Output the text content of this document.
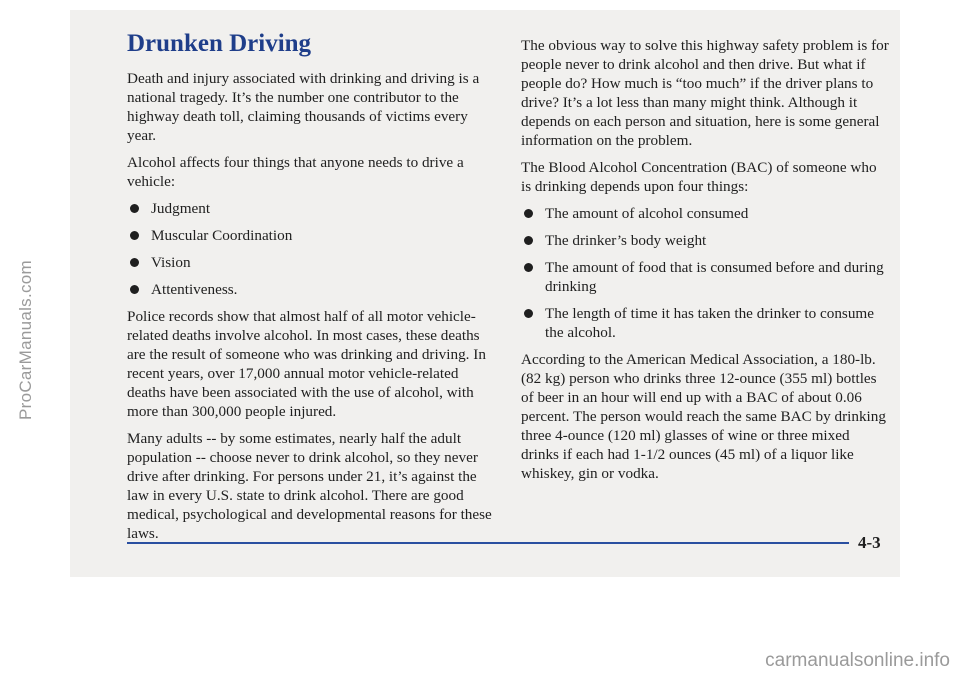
ProCarManuals.com
Drunken Driving

Death and injury associated with drinking and driving is a national tragedy. It’s the number one contributor to the highway death toll, claiming thousands of victims every year.

Alcohol affects four things that anyone needs to drive a vehicle:

Judgment
Muscular Coordination
Vision
Attentiveness.

Police records show that almost half of all motor vehicle-related deaths involve alcohol. In most cases, these deaths are the result of someone who was drinking and driving. In recent years, over 17,000 annual motor vehicle-related deaths have been associated with the use of alcohol, with more than 300,000 people injured.

Many adults -- by some estimates, nearly half the adult population -- choose never to drink alcohol, so they never drive after drinking. For persons under 21, it’s against the law in every U.S. state to drink alcohol. There are good medical, psychological and developmental reasons for these laws.

The obvious way to solve this highway safety problem is for people never to drink alcohol and then drive. But what if people do? How much is “too much” if the driver plans to drive? It’s a lot less than many might think. Although it depends on each person and situation, here is some general information on the problem.

The Blood Alcohol Concentration (BAC) of someone who is drinking depends upon four things:

The amount of alcohol consumed
The drinker’s body weight
The amount of food that is consumed before and during drinking
The length of time it has taken the drinker to consume the alcohol.

According to the American Medical Association, a 180-lb. (82 kg) person who drinks three 12-ounce (355 ml) bottles of beer in an hour will end up with a BAC of about 0.06 percent. The person would reach the same BAC by drinking three 4-ounce (120 ml) glasses of wine or three mixed drinks if each had 1-1/2 ounces (45 ml) of a liquor like whiskey, gin or vodka.

4-3
carmanualsonline.info
